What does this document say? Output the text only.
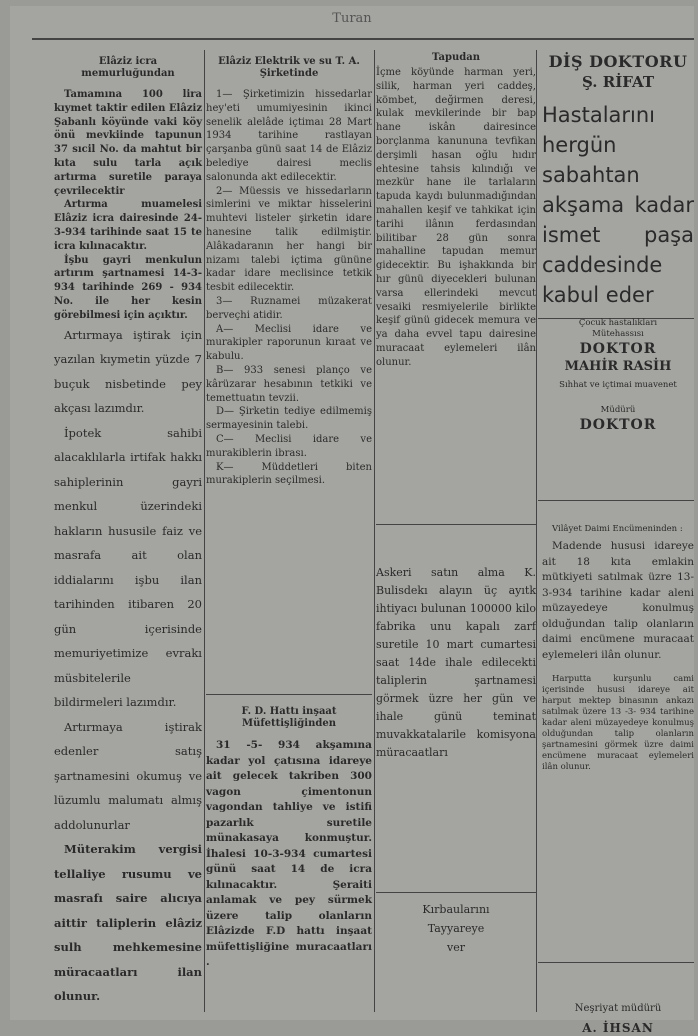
Turan
Elâziz icra memurluğundan

Tamamına 100 lira kıymet taktir edilen Elâziz Şabanlı köyünde vaki köy önü mevkiinde tapunun 37 sıcil No. da mahtut bir kıta sulu tarla açık artırma suretile paraya çevrilecektir

Artırma muamelesi Elâziz icra dairesinde 24-3-934 tarihinde saat 15 te icra kılınacaktır.

İşbu gayri menkulun artırım şartnamesi 14-3-934 tarihinde 269 - 934 No. ile her kesin görebilmesi için açıktır.

Artırmaya iştirak için yazılan kıymetin yüzde 7 buçuk nisbetinde pey akçası lazımdır.

İpotek sahibi alacaklılarla irtifak hakkı sahiplerinin gayri menkul üzerindeki hakların hususile faiz ve masrafa ait olan iddialarını işbu ilan tarihinden itibaren 20 gün içerisinde memuriyetimize evrakı müsbitelerile bildirmeleri lazımdır.

Artırmaya iştirak edenler satış şartnamesini okumuş ve lüzumlu malumatı almış addolunurlar

Müterakim vergisi tellaliye rusumu ve masrafı saire alıcıya aittir taliplerin elâziz sulh mehkemesine müracaatları ilan olunur.

Elâziz Elektrik ve su T. A. Şirketinde

1— Şirketimizin hissedarlar hey'eti umumiyesinin ikinci senelik alelâde içtimaı 28 Mart 1934 tarihine rastlayan çarşanba günü saat 14 de Elâziz belediye dairesi meclis salonunda akt edilecektir.

2— Müessis ve hissedarların simlerini ve miktar hisselerini muhtevi listeler şirketin idare hanesine talik edilmiştir. Alâkadaranın her hangi bir nizamı talebi içtima gününe kadar idare meclisince tetkik tesbit edilecektir.

3— Ruznamei müzakerat berveçhi atidir.

A— Meclisi idare ve murakipler raporunun kıraat ve kabulu.

B— 933 senesi planço ve kârüzarar hesabının tetkiki ve temettuatın tevzii.

D— Şirketin tediye edilmemiş sermayesinin talebi.

C— Meclisi idare ve murakiblerin ibrası.

K— Müddetleri biten murakiplerin seçilmesi.

F. D. Hattı inşaat Müfettişliğinden

31 -5- 934 akşamına kadar yol çatısına idareye ait gelecek takriben 300 vagon çimentonun vagondan tahliye ve istifi pazarlık suretile münakasaya konmuştur. İhalesi 10-3-934 cumartesi günü saat 14 de icra kılınacaktır. Şeraiti anlamak ve pey sürmek üzere talip olanların Elâzizde F.D hattı inşaat müfettişliğine muracaatları .

Tapudan

İçme köyünde harman yeri, silik, harman yeri caddeş, kömbet, değirmen deresi, kulak mevkilerinde bir bap hane iskân dairesince borçlanma kanununa tevfikan derşimli hasan oğlu hıdır ehtesine tahsis kılındığı ve mezkür hane ile tarlaların tapuda kaydı bulunmadığından mahallen keşif ve tahkikat için tarihi ilânın ferdasından bilitibar 28 gün sonra mahalline tapudan memur gidecektir. Bu işhakkında bir hır günü diyecekleri bulunan varsa ellerindeki mevcut vesaiki resmiyelerile birlikte keşif günü gidecek memura ve ya daha evvel tapu dairesine muracaat eylemeleri ilân olunur.

Askeri satın alma K. Bulisdekı alayın üç ayıtk ihtiyacı bulunan 100000 kilo fabrika unu kapalı zarf suretile 10 mart cumartesi saat 14de ihale edilecekti taliplerin şartnamesi görmek üzre her gün ve ihale günü teminat muvakkatalarile komisyona müracaatları

Kırbaularını
Tayyareye
ver
DİŞ DOKTORU
Ş. RİFAT
Hastalarını hergün sabahtan akşama kadar ismet paşa caddesinde kabul eder
Çocuk hastalıkları
Mütehassısı
DOKTOR
MAHİR RASİH
Sıhhat ve içtimai muavenet
Müdürü
DOKTOR
Vilâyet Daimi Encümeninden :

Madende hususi idareye ait 18 kıta emlakin mütkiyeti satılmak üzre 13-3-934 tarihine kadar aleni müzayedeye konulmuş olduğundan talip olanların daimi encümene muracaat eylemeleri ilân olunur.

Harputta kurşunlu cami içerisinde hususi idareye ait harput mektep binasının ankazı satılmak üzere 13 -3- 934 tarihine kadar aleni müzayedeye konulmuş olduğundan talip olanların şartnamesini görmek üzre daimi encümene muracaat eylemeleri ilân olunur.

Neşriyat müdürü
A. İHSAN
